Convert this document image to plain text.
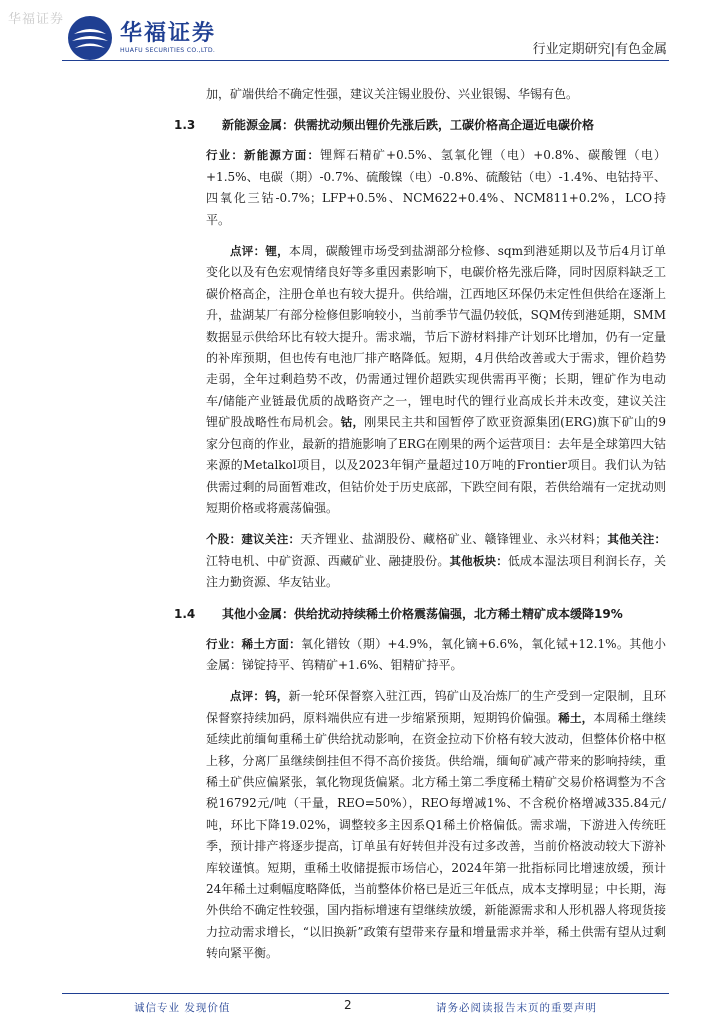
华福证券
华福证券
HUAFU SECURITIES CO.,LTD.	行业定期研究|有色金属

加，矿端供给不确定性强，建议关注锡业股份、兴业银锡、华锡有色。

1.3	新能源金属：供需扰动频出锂价先涨后跌，工碳价格高企逼近电碳价格

行业：新能源方面：锂辉石精矿+0.5%、氢氧化锂（电）+0.8%、碳酸锂（电）+1.5%、电碳（期）-0.7%、硫酸镍（电）-0.8%、硫酸钴（电）-1.4%、电钴持平、四氧化三钴-0.7%；LFP+0.5%、NCM622+0.4%、NCM811+0.2%，LCO持平。

点评：锂，本周，碳酸锂市场受到盐湖部分检修、sqm到港延期以及节后4月订单变化以及有色宏观情绪良好等多重因素影响下，电碳价格先涨后降，同时因原料缺乏工碳价格高企，注册仓单也有较大提升。供给端，江西地区环保仍未定性但供给在逐渐上升，盐湖某厂有部分检修但影响较小，当前季节气温仍较低，SQM传到港延期，SMM数据显示供给环比有较大提升。需求端，节后下游材料排产计划环比增加，仍有一定量的补库预期，但也传有电池厂排产略降低。短期，4月供给改善或大于需求，锂价趋势走弱，全年过剩趋势不改，仍需通过锂价超跌实现供需再平衡；长期，锂矿作为电动车/储能产业链最优质的战略资产之一，锂电时代的锂行业高成长并未改变，建议关注锂矿股战略性布局机会。钴，刚果民主共和国暂停了欧亚资源集团(ERG)旗下矿山的9家分包商的作业，最新的措施影响了ERG在刚果的两个运营项目：去年是全球第四大钴来源的Metalkol项目，以及2023年铜产量超过10万吨的Frontier项目。我们认为钴供需过剩的局面暂难改，但钴价处于历史底部，下跌空间有限，若供给端有一定扰动则短期价格或将震荡偏强。

个股：建议关注：天齐锂业、盐湖股份、藏格矿业、赣锋锂业、永兴材料；其他关注：江特电机、中矿资源、西藏矿业、融捷股份。其他板块：低成本湿法项目利润长存，关注力勤资源、华友钴业。

1.4	其他小金属：供给扰动持续稀土价格震荡偏强，北方稀土精矿成本缓降19%

行业：稀土方面：氧化镨钕（期）+4.9%，氧化镝+6.6%，氧化铽+12.1%。其他小金属：锑锭持平、钨精矿+1.6%、钼精矿持平。

点评：钨，新一轮环保督察入驻江西，钨矿山及冶炼厂的生产受到一定限制，且环保督察持续加码，原料端供应有进一步缩紧预期，短期钨价偏强。稀土，本周稀土继续延续此前缅甸重稀土矿供给扰动影响，在资金拉动下价格有较大波动，但整体价格中枢上移，分离厂虽继续倒挂但不得不高价接货。供给端，缅甸矿减产带来的影响持续，重稀土矿供应偏紧张，氧化物现货偏紧。北方稀土第二季度稀土精矿交易价格调整为不含税16792元/吨（干量，REO=50%），REO每增减1%、不含税价格增减335.84元/吨，环比下降19.02%，调整较多主因系Q1稀土价格偏低。需求端，下游进入传统旺季，预计排产将逐步提高，订单虽有好转但并没有过多改善，当前价格波动较大下游补库较谨慎。短期，重稀土收储提振市场信心，2024年第一批指标同比增速放缓，预计24年稀土过剩幅度略降低，当前整体价格已是近三年低点，成本支撑明显；中长期，海外供给不确定性较强，国内指标增速有望继续放缓，新能源需求和人形机器人将现货接力拉动需求增长，“以旧换新”政策有望带来存量和增量需求并举，稀土供需有望从过剩转向紧平衡。

诚信专业 发现价值	2	请务必阅读报告末页的重要声明
